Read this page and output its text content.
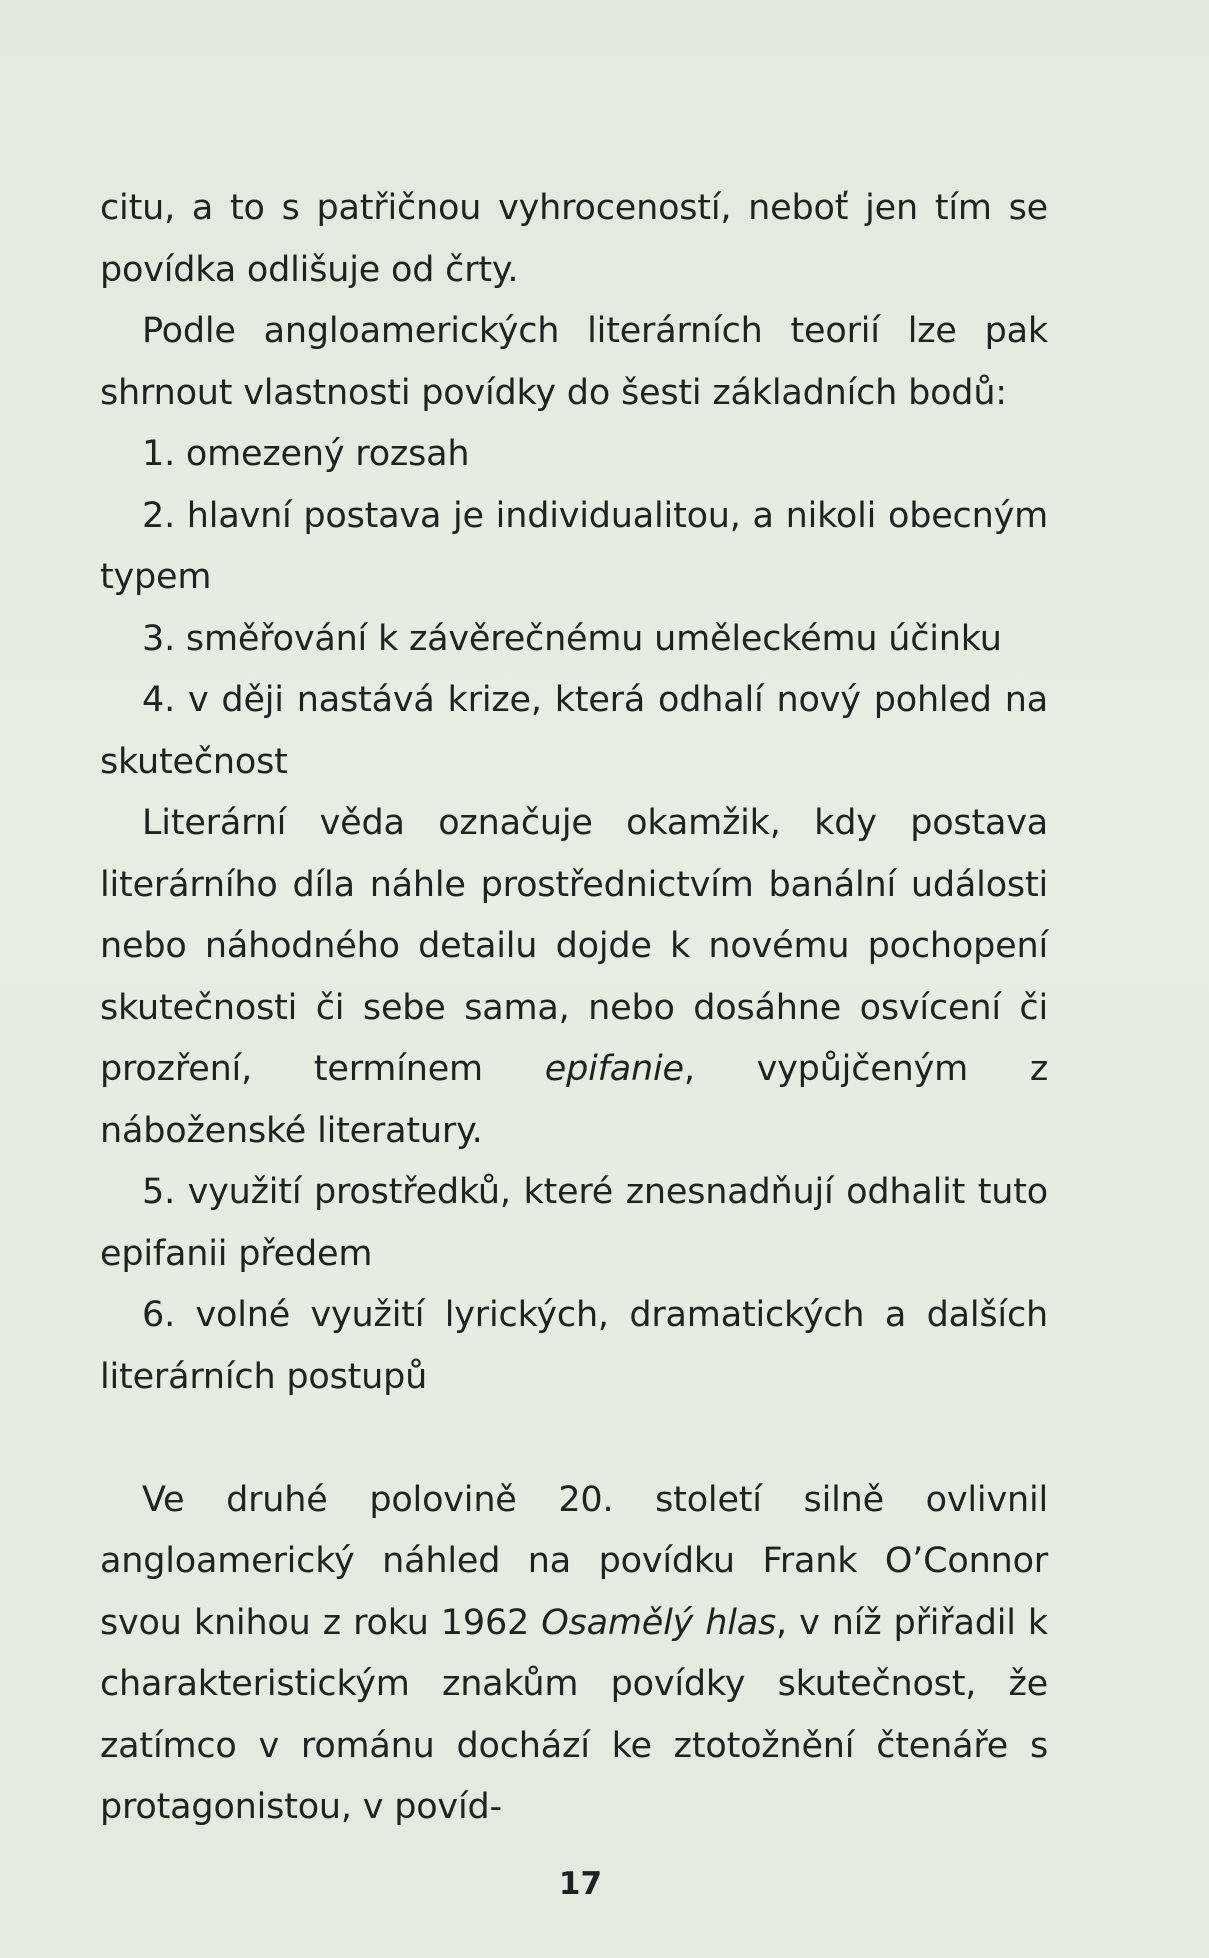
citu, a to s patřičnou vyhroceností, neboť jen tím se povídka odlišuje od črty.

Podle angloamerických literárních teorií lze pak shrnout vlastnosti povídky do šesti základních bodů:

1. omezený rozsah

2. hlavní postava je individualitou, a nikoli obecným typem

3. směřování k závěrečnému uměleckému účinku

4. v ději nastává krize, která odhalí nový pohled na skutečnost

Literární věda označuje okamžik, kdy postava literárního díla náhle prostřednictvím banální události nebo náhodného detailu dojde k novému pochopení skutečnosti či sebe sama, nebo dosáhne osvícení či prozření, termínem epifanie, vypůjčeným z náboženské literatury.

5. využití prostředků, které znesnadňují odhalit tuto epifanii předem

6. volné využití lyrických, dramatických a dalších literárních postupů

Ve druhé polovině 20. století silně ovlivnil angloamerický náhled na povídku Frank O’Connor svou knihou z roku 1962 Osamělý hlas, v níž přiřadil k charakteristickým znakům povídky skutečnost, že zatímco v románu dochází ke ztotožnění čtenáře s protagonistou, v povíd-

17
